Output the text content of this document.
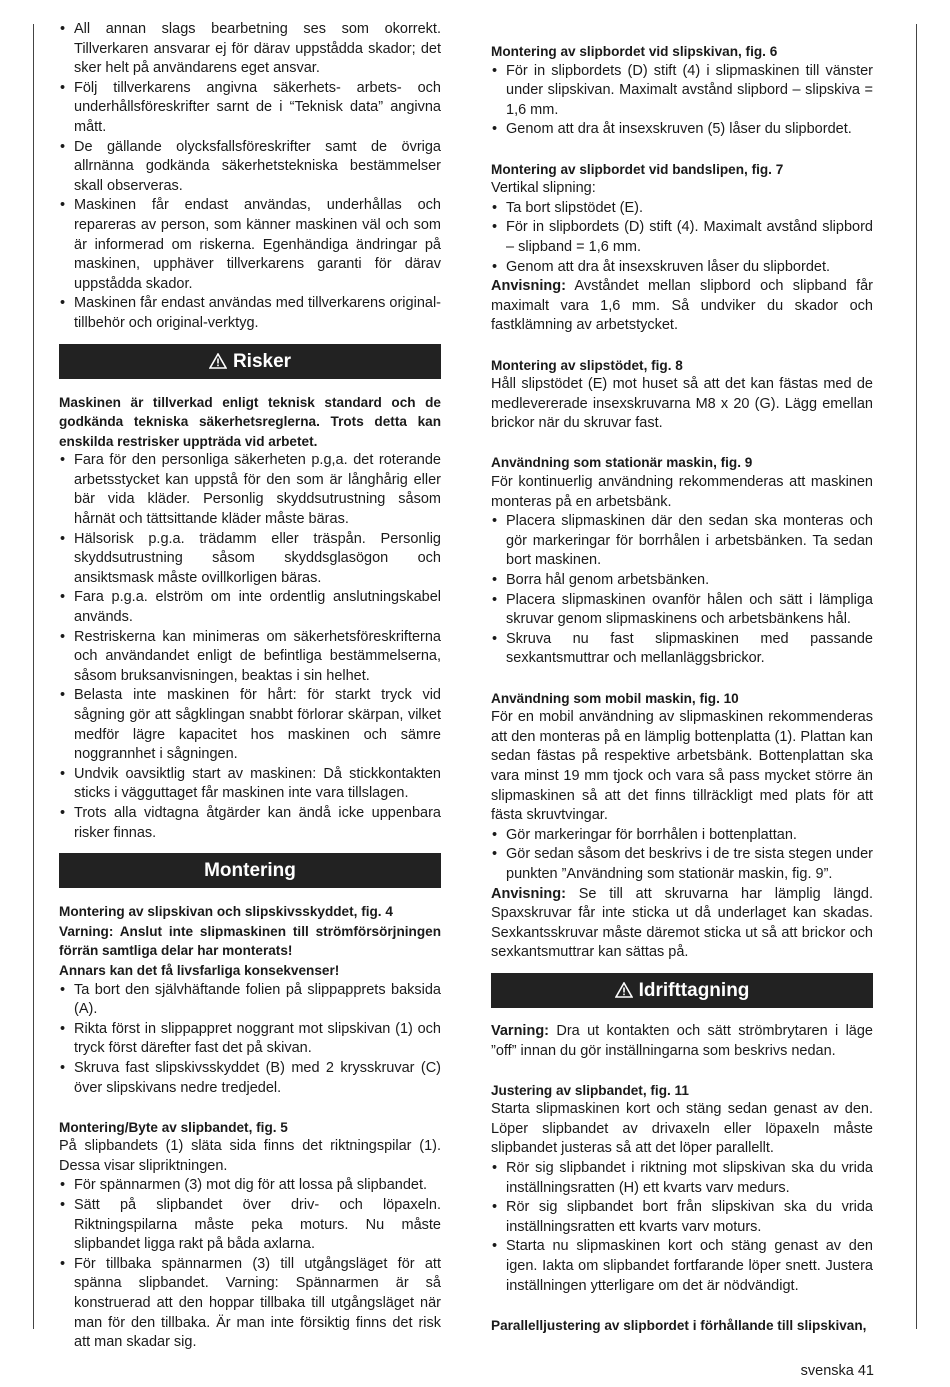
• All annan slags bearbetning ses som okorrekt. Tillverkaren ansvarar ej för därav uppstådda skador; det sker helt på användarens eget ansvar.
• Följ tillverkarens angivna säkerhets- arbets- och underhållsföreskrifter sarnt de i “Teknisk data” angivna mått.
• De gällande olycksfallsföreskrifter samt de övriga allrnänna godkända säkerhetstekniska bestämmelser skall observeras.
• Maskinen får endast användas, underhållas och repareras av person, som känner maskinen väl och som är informerad om riskerna. Egenhändiga ändringar på maskinen, upphäver tillverkarens garanti för därav uppstådda skador.
• Maskinen får endast användas med tillverkarens original-tillbehör och original-verktyg.
Risker

Maskinen är tillverkad enligt teknisk standard och de godkända tekniska säkerhetsreglerna. Trots detta kan enskilda restrisker uppträda vid arbetet.

• Fara för den personliga säkerheten p.g,a. det roterande arbetsstycket kan uppstå för den som är långhårig eller bär vida kläder. Personlig skyddsutrustning såsom hårnät och tättsittande kläder måste bäras.
• Hälsorisk p.g.a. trädamm eller träspån. Personlig skyddsutrustning såsom skyddsglasögon och ansiktsmask måste ovillkorligen bäras.
• Fara p.g.a. elström om inte ordentlig anslutningskabel används.
• Restriskerna kan minimeras om säkerhetsföreskrifterna och användandet enligt de befintliga bestämmelserna, såsom bruksanvisningen, beaktas i sin helhet.
• Belasta inte maskinen för hårt: för starkt tryck vid sågning gör att sågklingan snabbt förlorar skärpan, vilket medför lägre kapacitet hos maskinen och sämre noggrannhet i sågningen.
• Undvik oavsiktlig start av maskinen: Då stickkontakten sticks i vägguttaget får maskinen inte vara tillslagen.
• Trots alla vidtagna åtgärder kan ändå icke uppenbara risker finnas.
Montering

Montering av slipskivan och slipskivsskyddet, fig. 4

Varning: Anslut inte slipmaskinen till strömförsörjningen förrän samtliga delar har monterats!

Annars kan det få livsfarliga konsekvenser!

• Ta bort den självhäftande folien på slippapprets baksida (A).
• Rikta först in slippappret noggrant mot slipskivan (1) och tryck först därefter fast det på skivan.
• Skruva fast slipskivsskyddet (B) med 2 krysskruvar (C) över slipskivans nedre tredjedel.

Montering/Byte av slipbandet, fig. 5

På slipbandets (1) släta sida finns det riktningspilar (1). Dessa visar slipriktningen.

• För spännarmen (3) mot dig för att lossa på slipbandet.
• Sätt på slipbandet över driv- och löpaxeln. Riktningspilarna måste peka moturs. Nu måste slipbandet ligga rakt på båda axlarna.
• För tillbaka spännarmen (3) till utgångsläget för att spänna slipbandet. Varning: Spännarmen är så konstruerad att den hoppar tillbaka till utgångsläget när man för den tillbaka. Är man inte försiktig finns det risk att man skadar sig.

Montering av slipbordet vid slipskivan, fig. 6

• För in slipbordets (D) stift (4) i slipmaskinen till vänster under slipskivan. Maximalt avstånd slipbord – slipskiva = 1,6 mm.
• Genom att dra åt insexskruven (5) låser du slipbordet.

Montering av slipbordet vid bandslipen, fig. 7

Vertikal slipning:

• Ta bort slipstödet (E).
• För in slipbordets (D) stift (4). Maximalt avstånd slipbord – slipband = 1,6 mm.
• Genom att dra åt insexskruven låser du slipbordet.

Anvisning: Avståndet mellan slipbord och slipband får maximalt vara 1,6 mm. Så undviker du skador och fastklämning av arbetstycket.

Montering av slipstödet, fig. 8

Håll slipstödet (E) mot huset så att det kan fästas med de medlevererade insexskruvarna M8 x 20 (G). Lägg emellan brickor när du skruvar fast.

Användning som stationär maskin, fig. 9

För kontinuerlig användning rekommenderas att maskinen monteras på en arbetsbänk.

• Placera slipmaskinen där den sedan ska monteras och gör markeringar för borrhålen i arbetsbänken. Ta sedan bort maskinen.
• Borra hål genom arbetsbänken.
• Placera slipmaskinen ovanför hålen och sätt i lämpliga skruvar genom slipmaskinens och arbetsbänkens hål.
• Skruva nu fast slipmaskinen med passande sexkantsmuttrar och mellanläggsbrickor.

Användning som mobil maskin, fig. 10

För en mobil användning av slipmaskinen rekommenderas att den monteras på en lämplig bottenplatta (1). Plattan kan sedan fästas på respektive arbetsbänk. Bottenplattan ska vara minst 19 mm tjock och vara så pass mycket större än slipmaskinen så att det finns tillräckligt med plats för att fästa skruvtvingar.

• Gör markeringar för borrhålen i bottenplattan.
• Gör sedan såsom det beskrivs i de tre sista stegen under punkten ”Användning som stationär maskin, fig. 9”.

Anvisning: Se till att skruvarna har lämplig längd. Spaxskruvar får inte sticka ut då underlaget kan skadas. Sexkantsskruvar måste däremot sticka ut så att brickor och sexkantsmuttrar kan sättas på.

Idrifttagning

Varning: Dra ut kontakten och sätt strömbrytaren i läge ”off” innan du gör inställningarna som beskrivs nedan.

Justering av slipbandet, fig. 11

Starta slipmaskinen kort och stäng sedan genast av den. Löper slipbandet av drivaxeln eller löpaxeln måste slipbandet justeras så att det löper parallellt.

• Rör sig slipbandet i riktning mot slipskivan ska du vrida inställningsratten (H) ett kvarts varv medurs.
• Rör sig slipbandet bort från slipskivan ska du vrida inställningsratten ett kvarts varv moturs.
• Starta nu slipmaskinen kort och stäng genast av den igen. Iakta om slipbandet fortfarande löper snett. Justera inställningen ytterligare om det är nödvändigt.

Parallelljustering av slipbordet i förhållande till slipskivan,

svenska 41
